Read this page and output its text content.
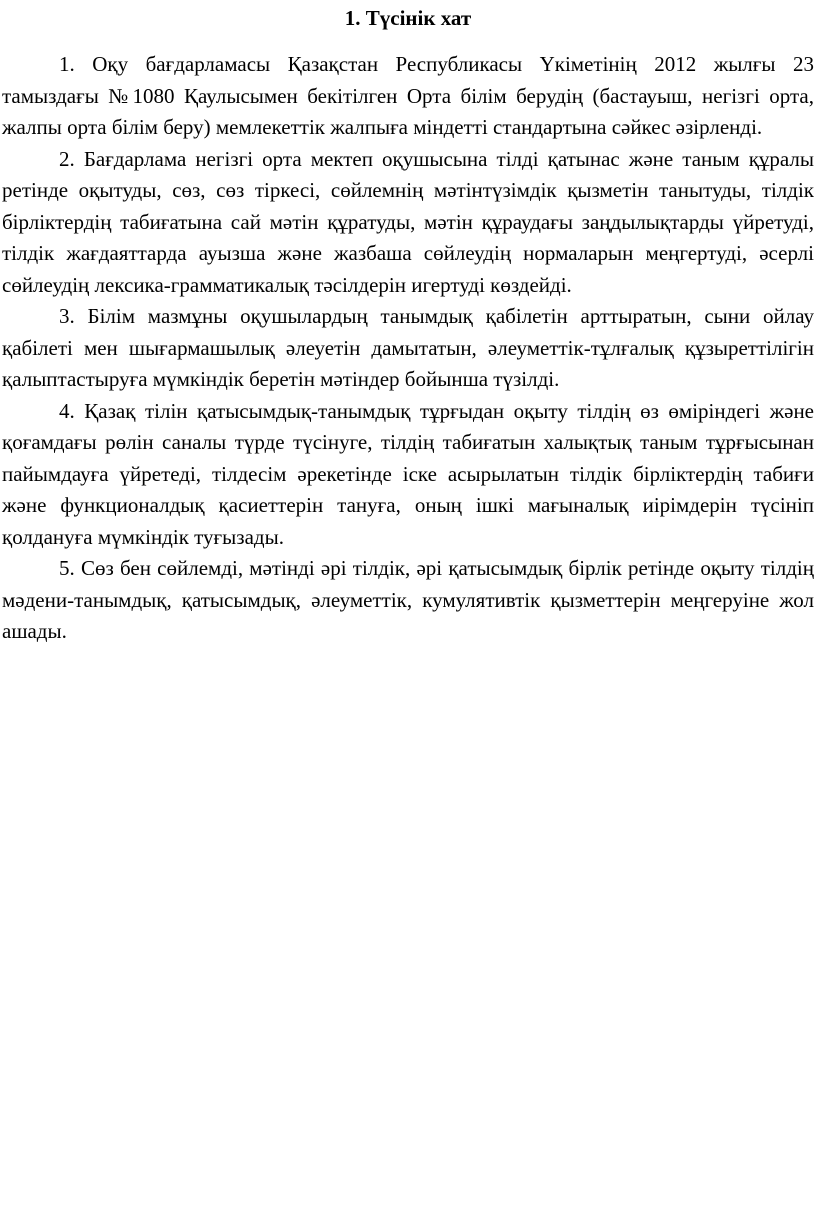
1. Түсінік хат

1. Оқу бағдарламасы Қазақстан Республикасы Үкіметінің 2012 жылғы 23 тамыздағы №1080 Қаулысымен бекітілген Орта білім берудің (бастауыш, негізгі орта, жалпы орта білім беру) мемлекеттік жалпыға міндетті стандартына сәйкес әзірленді.

2. Бағдарлама негізгі орта мектеп оқушысына тілді қатынас және таным құралы ретінде оқытуды, сөз, сөз тіркесі, сөйлемнің мәтінтүзімдік қызметін танытуды, тілдік бірліктердің табиғатына сай мәтін құратуды, мәтін құраудағы заңдылықтарды үйретуді, тілдік жағдаяттарда ауызша және жазбаша сөйлеудің нормаларын меңгертуді, әсерлі сөйлеудің лексика-грамматикалық тәсілдерін игертуді көздейді.

3. Білім мазмұны оқушылардың танымдық қабілетін арттыратын, сыни ойлау қабілеті мен шығармашылық әлеуетін дамытатын, әлеуметтік-тұлғалық құзыреттілігін қалыптастыруға мүмкіндік беретін мәтіндер бойынша түзілді.

4. Қазақ тілін қатысымдық-танымдық тұрғыдан оқыту тілдің өз өміріндегі және қоғамдағы рөлін саналы түрде түсінуге, тілдің табиғатын халықтық таным тұрғысынан пайымдауға үйретеді, тілдесім әрекетінде іске асырылатын тілдік бірліктердің табиғи және функционалдық қасиеттерін тануға, оның ішкі мағыналық иірімдерін түсініп қолдануға мүмкіндік туғызады.

5. Сөз бен сөйлемді, мәтінді әрі тілдік, әрі қатысымдық бірлік ретінде оқыту тілдің мәдени-танымдық, қатысымдық, әлеуметтік, кумулятивтік қызметтерін меңгеруіне жол ашады.
